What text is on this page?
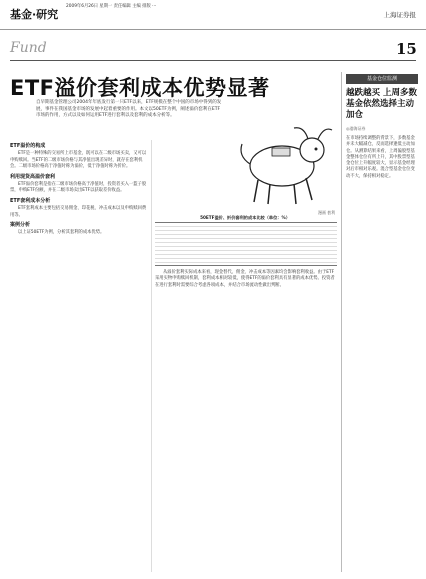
基金·研究
2009年6月26日 星期一 责任编辑 主编 排版 ···
上海证券报
Fund	15
ETF溢价套利成本优势显著
自早期基金管理公司2004年年底发行第一只ETF以来，ETF规模在整个中国的市场中得到的发展，事件在我国基金市场的发展中起着重要的作用。本文以50ETF为例，阐述溢价套利在ETF市场的作用，方式以及如何运用ETF进行套利以及套利的成本分析等。
漫画 套利
50ETF溢价、折价套利的成本比较（单位：%）
ETF溢价的构成
ETF是一种特殊的交易所上市基金，既可以在二级市场买卖，又可以申购赎回。当ETF的二级市场价格与其净值出现差异时，就存在套利机会。二级市场价格高于净值时称为溢价，低于净值时称为折价。
利用现货高溢价套利
ETF溢价套利是指在二级市场价格高于净值时，投资者买入一篮子股票，申购ETF份额，并在二级市场卖出ETF以获取差价收益。
ETF套利成本分析
ETF套利成本主要包括交易佣金、印花税、冲击成本以及申购赎回费用等。
案例分析
以上证50ETF为例，分析其套利的成本优势。
从溢价套利实际成本来看，现金替代、佣金、冲击成本等因素均会影响套利收益。由于ETF采用实物申购赎回机制，套利成本相对较低，使得ETF的溢价套利具有显著的成本优势。投资者在进行套利时需要综合考虑各项成本，并结合市场流动性做出判断。
基金仓位监测
越跌越买 上周多数基金依然选择主动加仓
◎渤海证券
在市场持续调整的背景下，多数基金并未大幅减仓，反而选择逢低主动加仓。从测算结果来看，上周偏股型基金整体仓位有所上升，其中股票型基金仓位上升幅度较大，显示基金经理对后市相对乐观。混合型基金仓位变动不大，保持相对稳定。
